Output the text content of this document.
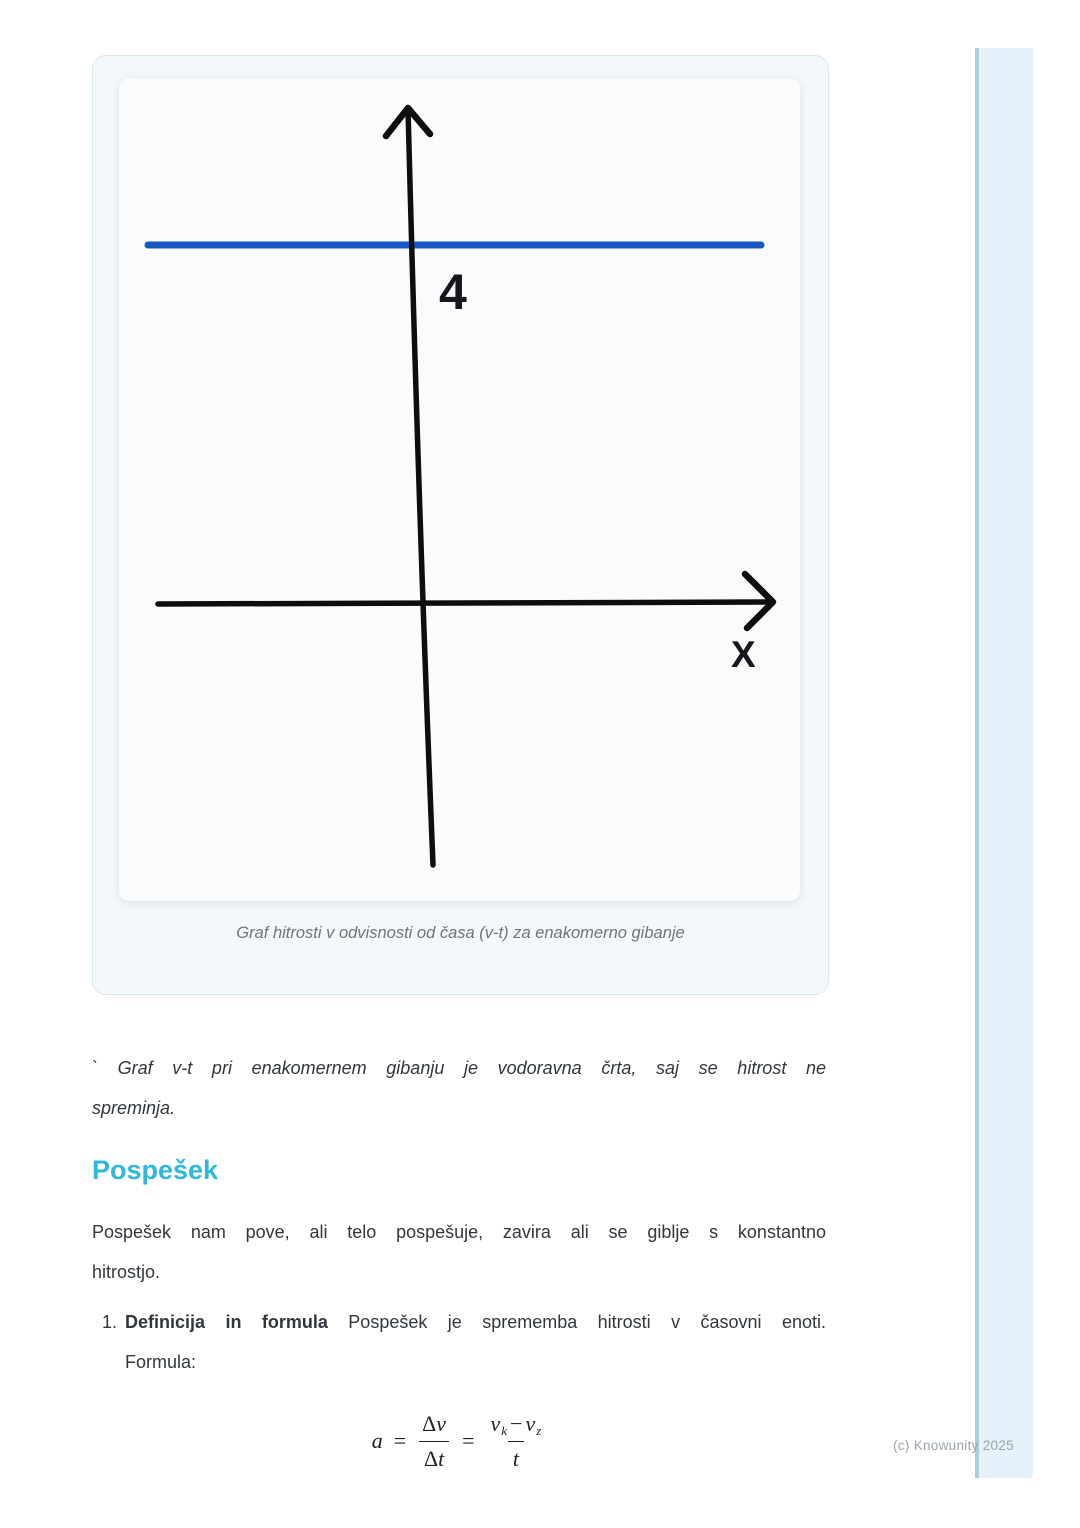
4
X
Graf hitrosti v odvisnosti od časa (v-t) za enakomerno gibanje
` Graf v-t pri enakomernem gibanju je vodoravna črta, saj se hitrost ne
spreminja.
Pospešek
Pospešek nam pove, ali telo pospešuje, zavira ali se giblje s konstantno
hitrostjo.
1. Definicija in formula Pospešek je sprememba hitrosti v časovni enoti.
Formula:
$a = \frac{\text{Δ v}}{\text{Δ t}} = \frac{\text{v k − v z}}{t}$	(c) Knowunity 2025
